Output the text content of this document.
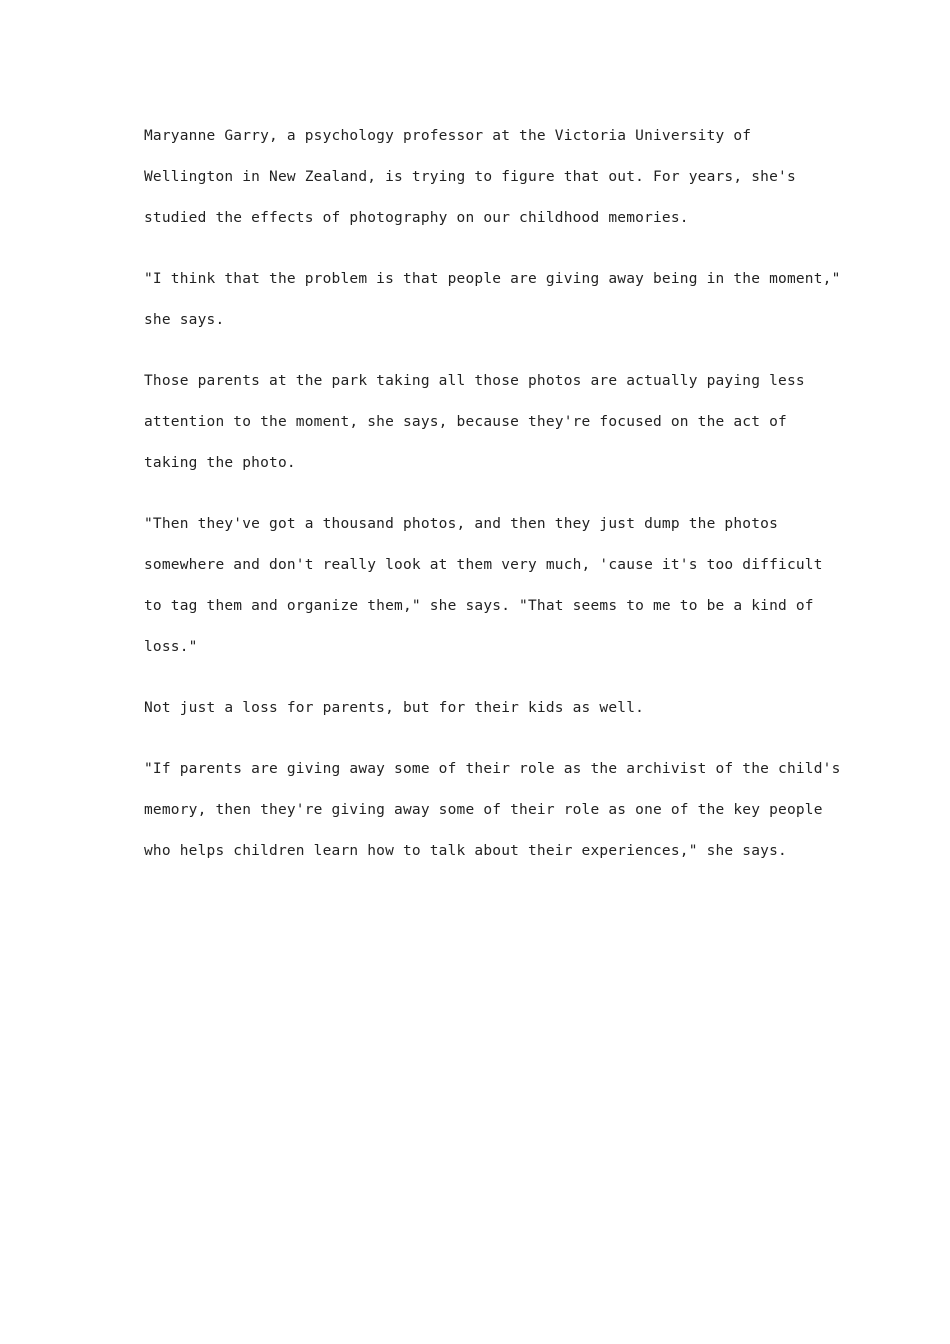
Maryanne Garry, a psychology professor at the Victoria University of
Wellington in New Zealand, is trying to figure that out. For years, she's
studied the effects of photography on our childhood memories.

"I think that the problem is that people are giving away being in the moment,"
she says.

Those parents at the park taking all those photos are actually paying less
attention to the moment, she says, because they're focused on the act of
taking the photo.

"Then they've got a thousand photos, and then they just dump the photos
somewhere and don't really look at them very much, 'cause it's too difficult
to tag them and organize them," she says. "That seems to me to be a kind of
loss."

Not just a loss for parents, but for their kids as well.

"If parents are giving away some of their role as the archivist of the child's
memory, then they're giving away some of their role as one of the key people
who helps children learn how to talk about their experiences," she says.
